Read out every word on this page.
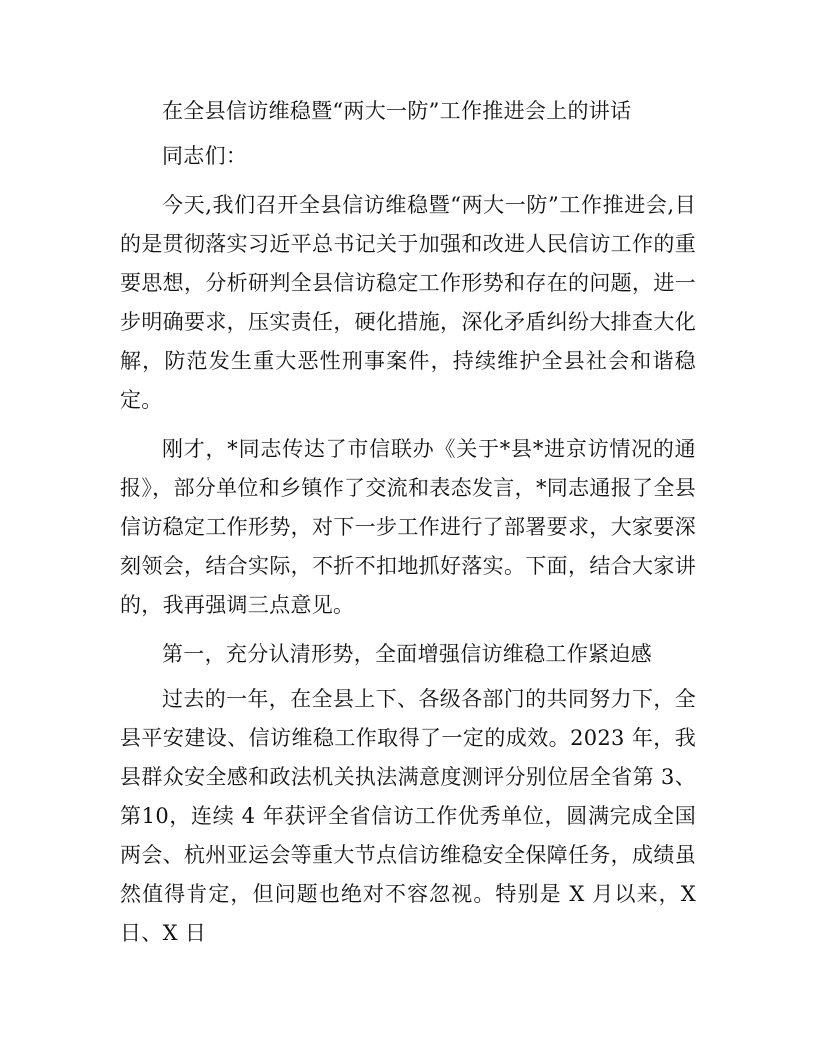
在全县信访维稳暨“两大一防”工作推进会上的讲话
同志们：
今天,我们召开全县信访维稳暨“两大一防”工作推进会,目的是贯彻落实习近平总书记关于加强和改进人民信访工作的重要思想，分析研判全县信访稳定工作形势和存在的问题，进一步明确要求，压实责任，硬化措施，深化矛盾纠纷大排查大化解，防范发生重大恶性刑事案件，持续维护全县社会和谐稳定。
刚才，*同志传达了市信联办《关于*县*进京访情况的通报》，部分单位和乡镇作了交流和表态发言，*同志通报了全县信访稳定工作形势，对下一步工作进行了部署要求，大家要深刻领会，结合实际，不折不扣地抓好落实。下面，结合大家讲的，我再强调三点意见。
第一，充分认清形势，全面增强信访维稳工作紧迫感
过去的一年，在全县上下、各级各部门的共同努力下，全县平安建设、信访维稳工作取得了一定的成效。2023 年，我县群众安全感和政法机关执法满意度测评分别位居全省第 3、第10，连续 4 年获评全省信访工作优秀单位，圆满完成全国两会、杭州亚运会等重大节点信访维稳安全保障任务，成绩虽然值得肯定，但问题也绝对不容忽视。特别是 X 月以来，X 日、X 日
